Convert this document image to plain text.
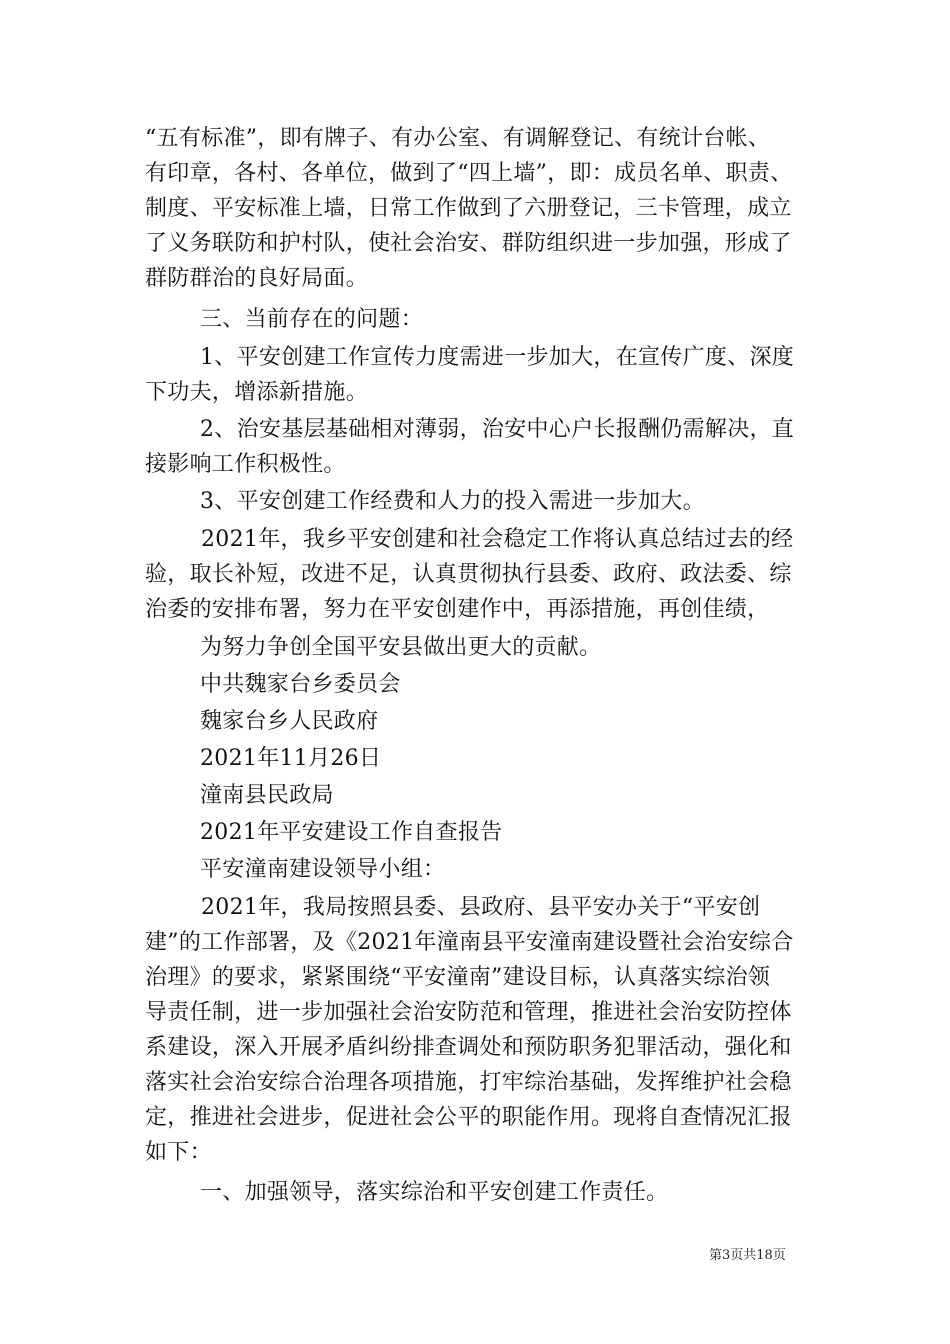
“五有标准”，即有牌子、有办公室、有调解登记、有统计台帐、
有印章，各村、各单位，做到了“四上墙”，即：成员名单、职责、
制度、平安标准上墙，日常工作做到了六册登记，三卡管理，成立
了义务联防和护村队，使社会治安、群防组织进一步加强，形成了
群防群治的良好局面。
三、当前存在的问题：
1、平安创建工作宣传力度需进一步加大，在宣传广度、深度
下功夫，增添新措施。
2、治安基层基础相对薄弱，治安中心户长报酬仍需解决，直
接影响工作积极性。
3、平安创建工作经费和人力的投入需进一步加大。
2021年，我乡平安创建和社会稳定工作将认真总结过去的经
验，取长补短，改进不足，认真贯彻执行县委、政府、政法委、综
治委的安排布署，努力在平安创建作中，再添措施，再创佳绩，
为努力争创全国平安县做出更大的贡献。
中共魏家台乡委员会
魏家台乡人民政府
2021年11月26日
潼南县民政局
2021年平安建设工作自查报告
平安潼南建设领导小组：
2021年，我局按照县委、县政府、县平安办关于“平安创
建”的工作部署，及《2021年潼南县平安潼南建设暨社会治安综合
治理》的要求，紧紧围绕“平安潼南”建设目标，认真落实综治领
导责任制，进一步加强社会治安防范和管理，推进社会治安防控体
系建设，深入开展矛盾纠纷排查调处和预防职务犯罪活动，强化和
落实社会治安综合治理各项措施，打牢综治基础，发挥维护社会稳
定，推进社会进步，促进社会公平的职能作用。现将自查情况汇报
如下：
一、加强领导，落实综治和平安创建工作责任。
第3页共18页
